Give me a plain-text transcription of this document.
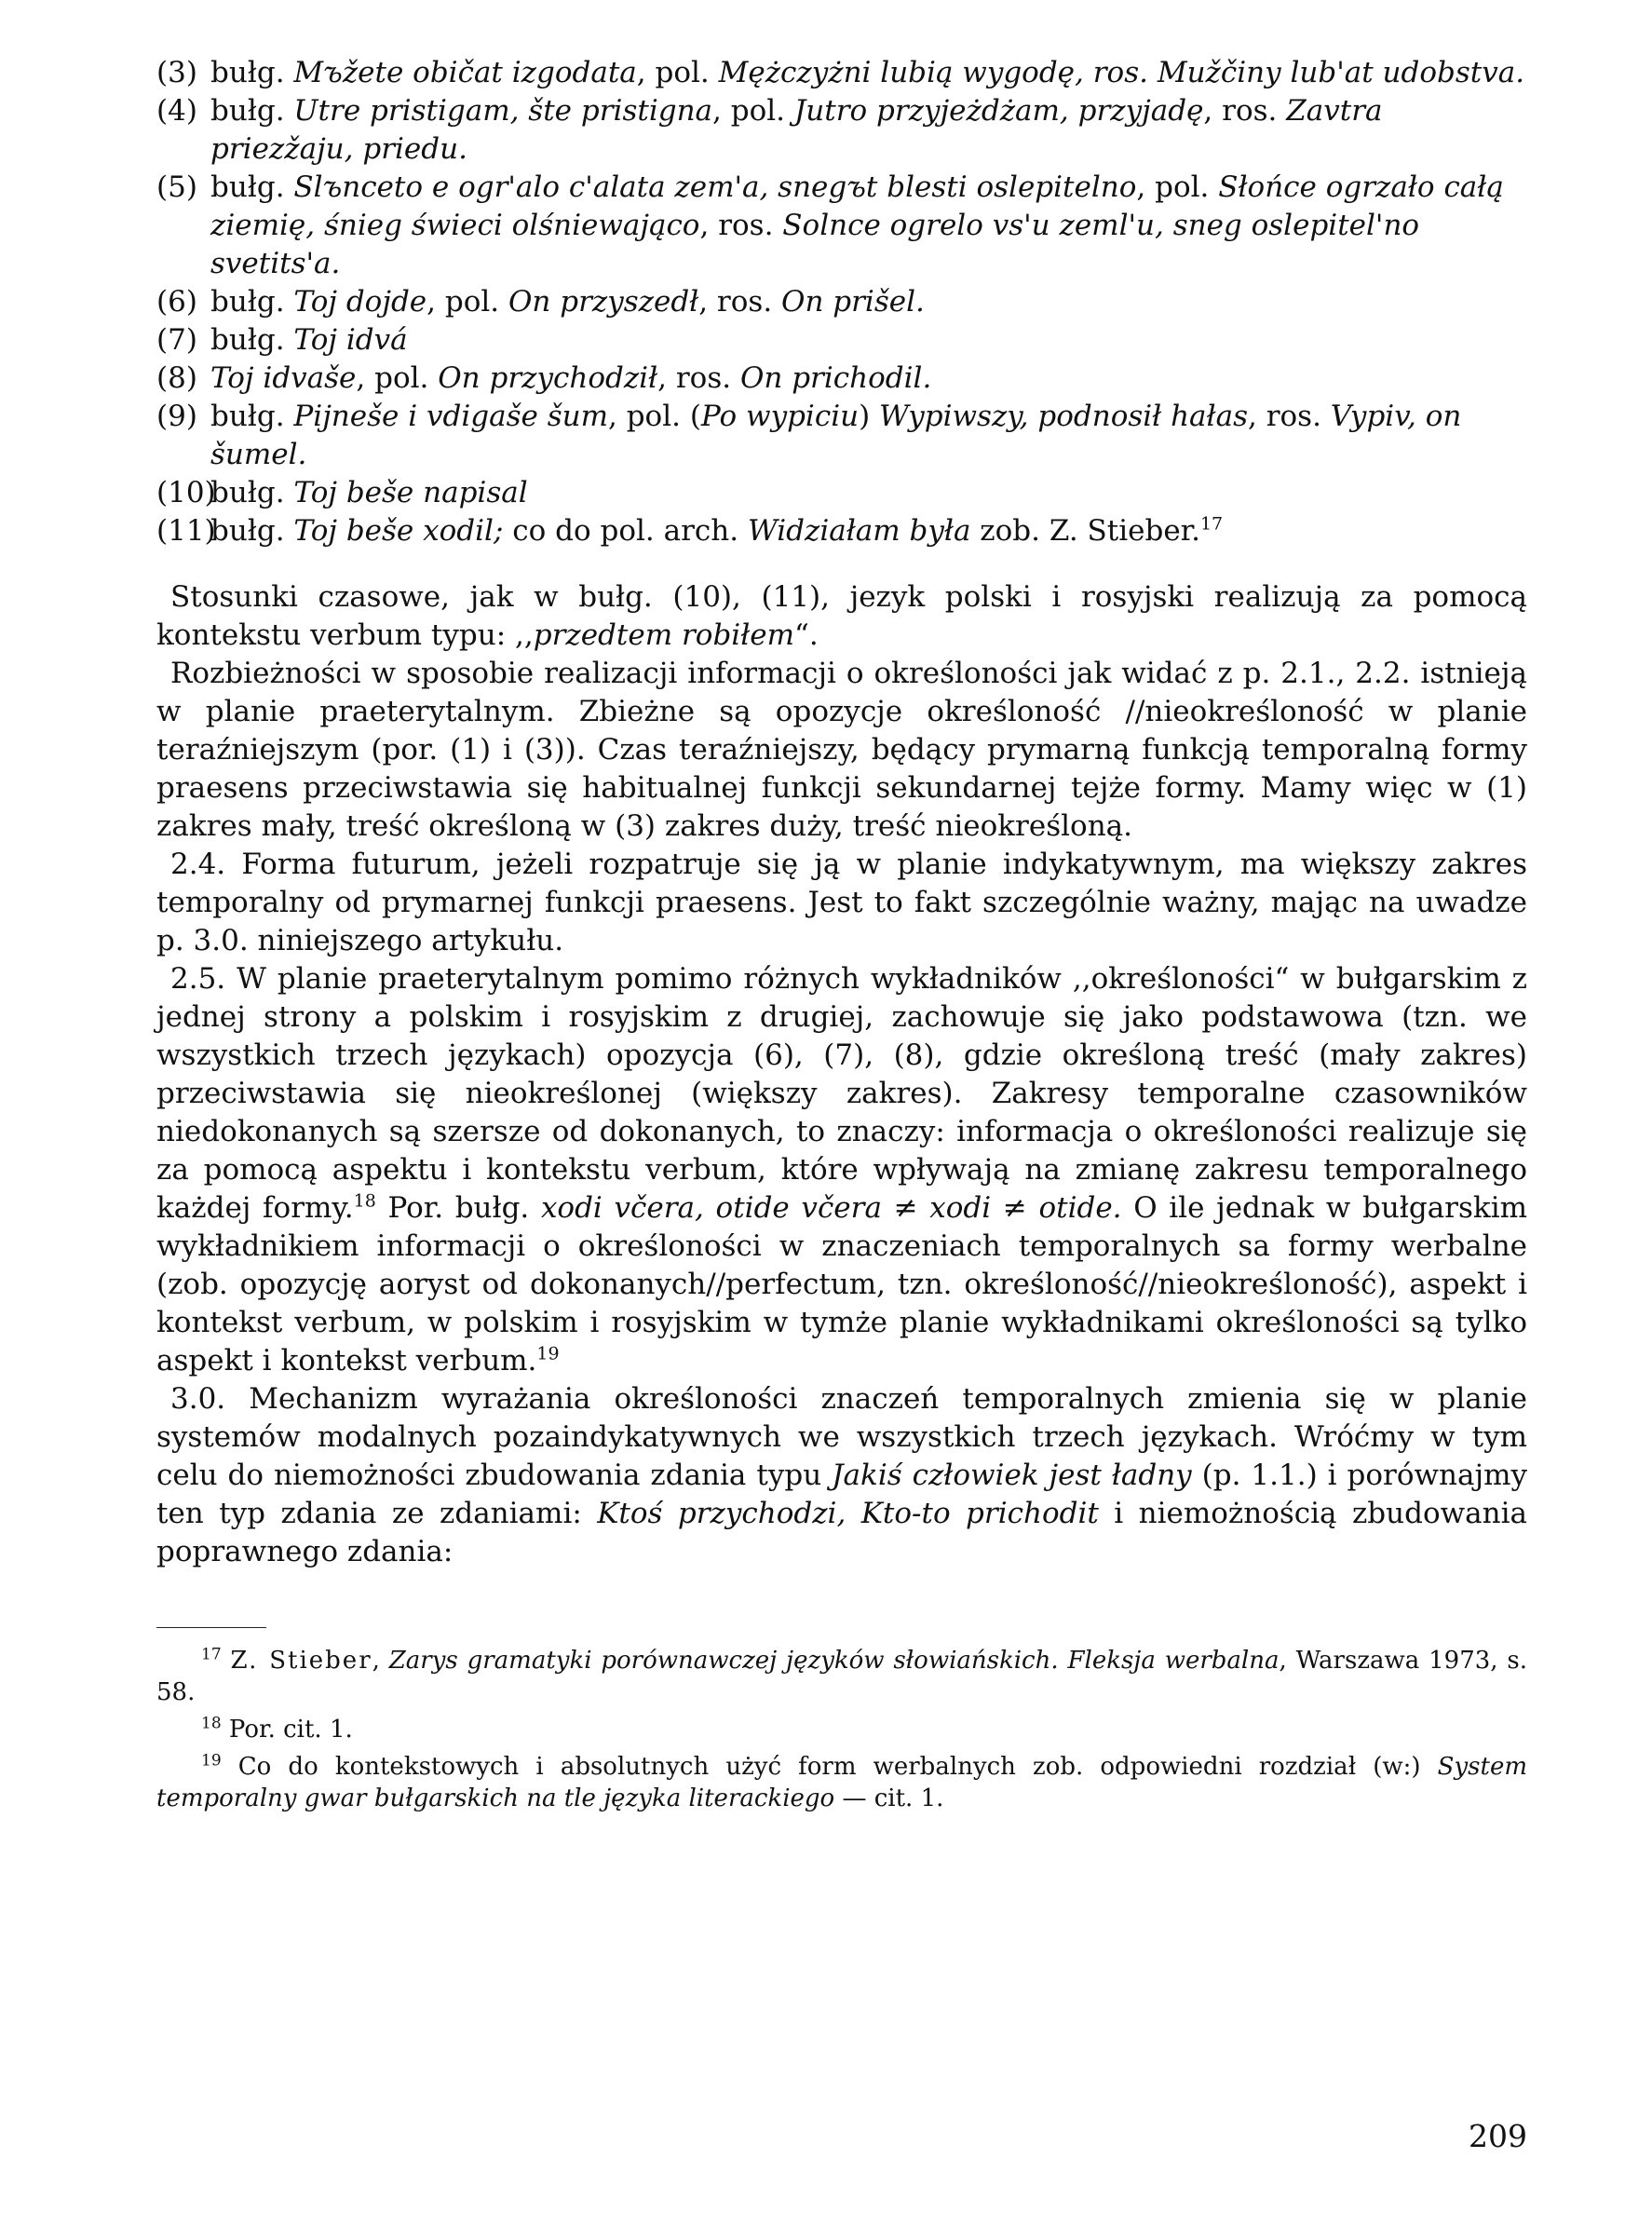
(3) bułg. Mъžete običat izgodata, pol. Mężczyżni lubią wygodę, ros. Mužčiny lub'at udobstva.
(4) bułg. Utre pristigam, šte pristigna, pol. Jutro przyjeżdżam, przyjadę, ros. Zavtra priezžaju, priedu.
(5) bułg. Slъnceto e ogr'alo c'alata zem'a, snegъt blesti oslepitelno, pol. Słońce ogrzało całą ziemię, śnieg świeci olśniewająco, ros. Solnce ogrelo vs'u zeml'u, sneg oslepitel'no svetits'a.
(6) bułg. Toj dojde, pol. On przyszedł, ros. On prišel.
(7) bułg. Toj idvá
(8) Toj idvaše, pol. On przychodził, ros. On prichodil.
(9) bułg. Pijneše i vdigaše šum, pol. (Po wypiciu) Wypiwszy, podnosił hałas, ros. Vypiv, on šumel.
(10)
bułg. Toj beše napisal
(11)
bułg. Toj beše xodil; co do pol. arch. Widziałam była zob. Z. Stieber.$^{17}$

Stosunki czasowe, jak w bułg. (10), (11), jezyk polski i rosyjski realizują za pomocą kontekstu verbum typu: ,,przedtem robiłem“.

Rozbieżności w sposobie realizacji informacji o określoności jak widać z p. 2.1., 2.2. istnieją w planie praeterytalnym. Zbieżne są opozycje określoność //nieokreśloność w planie teraźniejszym (por. (1) i (3)). Czas teraźniejszy, będący prymarną funkcją temporalną formy praesens przeciwstawia się habitualnej funkcji sekundarnej tejże formy. Mamy więc w (1) zakres mały, treść określoną w (3) zakres duży, treść nieokreśloną.

2.4. Forma futurum, jeżeli rozpatruje się ją w planie indykatywnym, ma większy zakres temporalny od prymarnej funkcji praesens. Jest to fakt szczególnie ważny, mając na uwadze p. 3.0. niniejszego artykułu.

2.5. W planie praeterytalnym pomimo różnych wykładników ,,określoności“ w bułgarskim z jednej strony a polskim i rosyjskim z drugiej, zachowuje się jako podstawowa (tzn. we wszystkich trzech językach) opozycja (6), (7), (8), gdzie określoną treść (mały zakres) przeciwstawia się nieokreślonej (większy zakres). Zakresy temporalne czasowników niedokonanych są szersze od dokonanych, to znaczy: informacja o określoności realizuje się za pomocą aspektu i kontekstu verbum, które wpływają na zmianę zakresu temporalnego każdej formy.$^{18}$ Por. bułg. xodi včera, otide včera ≠ xodi ≠ otide. O ile jednak w bułgarskim wykładnikiem informacji o określoności w znaczeniach temporalnych sa formy werbalne (zob. opozycję aoryst od dokonanych//perfectum, tzn. określoność//nieokreśloność), aspekt i kontekst verbum, w polskim i rosyjskim w tymże planie wykładnikami określoności są tylko aspekt i kontekst verbum.$^{19}$

3.0. Mechanizm wyrażania określoności znaczeń temporalnych zmienia się w planie systemów modalnych pozaindykatywnych we wszystkich trzech językach. Wróćmy w tym celu do niemożności zbudowania zdania typu Jakiś człowiek jest ładny (p. 1.1.) i porównajmy ten typ zdania ze zdaniami: Ktoś przychodzi, Kto-to prichodit i niemożnością zbudowania poprawnego zdania:

$^{17}$ Z. Stieber, Zarys gramatyki porównawczej języków słowiańskich. Fleksja werbalna, Warszawa 1973, s. 58.

$^{18}$ Por. cit. 1.

$^{19}$ Co do kontekstowych i absolutnych użyć form werbalnych zob. odpowiedni rozdział (w:) System temporalny gwar bułgarskich na tle języka literackiego — cit. 1.

209
